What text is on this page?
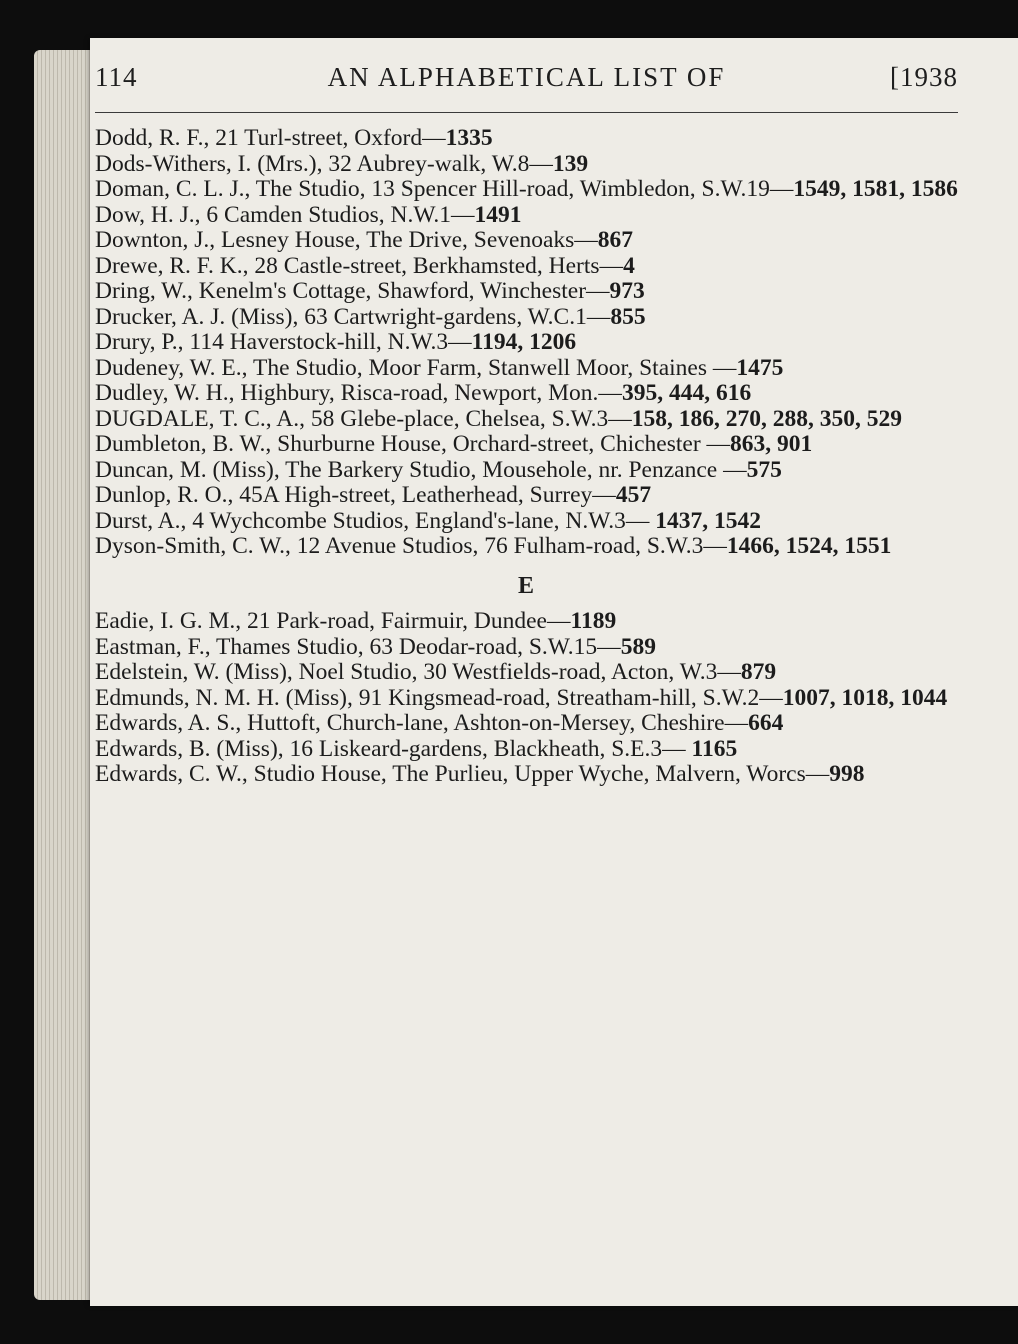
114	AN ALPHABETICAL LIST OF	[1938

Dodd, R. F., 21 Turl-street, Oxford—1335

Dods-Withers, I. (Mrs.), 32 Aubrey-walk, W.8—139

Doman, C. L. J., The Studio, 13 Spencer Hill-road, Wimbledon, S.W.19—1549, 1581, 1586

Dow, H. J., 6 Camden Studios, N.W.1—1491

Downton, J., Lesney House, The Drive, Sevenoaks—867

Drewe, R. F. K., 28 Castle-street, Berkhamsted, Herts—4

Dring, W., Kenelm's Cottage, Shawford, Winchester—973

Drucker, A. J. (Miss), 63 Cartwright-gardens, W.C.1—855

Drury, P., 114 Haverstock-hill, N.W.3—1194, 1206

Dudeney, W. E., The Studio, Moor Farm, Stanwell Moor, Staines —1475

Dudley, W. H., Highbury, Risca-road, Newport, Mon.—395, 444, 616

DUGDALE, T. C., A., 58 Glebe-place, Chelsea, S.W.3—158, 186, 270, 288, 350, 529

Dumbleton, B. W., Shurburne House, Orchard-street, Chichester —863, 901

Duncan, M. (Miss), The Barkery Studio, Mousehole, nr. Penzance —575

Dunlop, R. O., 45A High-street, Leatherhead, Surrey—457

Durst, A., 4 Wychcombe Studios, England's-lane, N.W.3— 1437, 1542

Dyson-Smith, C. W., 12 Avenue Studios, 76 Fulham-road, S.W.3—1466, 1524, 1551

E

Eadie, I. G. M., 21 Park-road, Fairmuir, Dundee—1189

Eastman, F., Thames Studio, 63 Deodar-road, S.W.15—589

Edelstein, W. (Miss), Noel Studio, 30 Westfields-road, Acton, W.3—879

Edmunds, N. M. H. (Miss), 91 Kingsmead-road, Streatham-hill, S.W.2—1007, 1018, 1044

Edwards, A. S., Huttoft, Church-lane, Ashton-on-Mersey, Cheshire—664

Edwards, B. (Miss), 16 Liskeard-gardens, Blackheath, S.E.3— 1165

Edwards, C. W., Studio House, The Purlieu, Upper Wyche, Malvern, Worcs—998
